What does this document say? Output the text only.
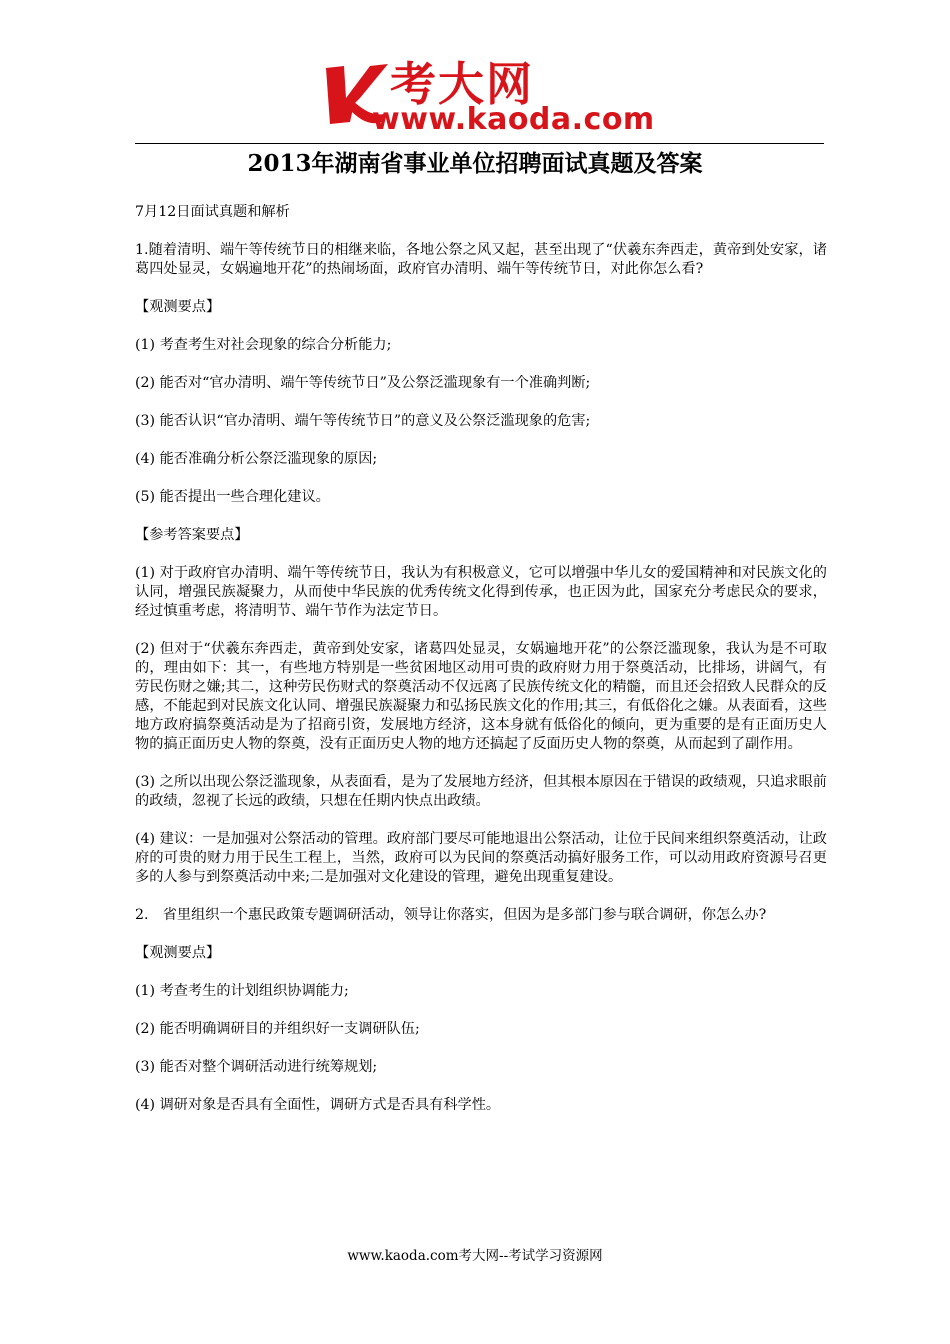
考大网
www.kaoda.com
2013年湖南省事业单位招聘面试真题及答案

7月12日面试真题和解析

1.随着清明、端午等传统节日的相继来临，各地公祭之风又起，甚至出现了“伏羲东奔西走，黄帝到处安家，诸葛四处显灵，女娲遍地开花”的热闹场面，政府官办清明、端午等传统节日，对此你怎么看?

【观测要点】

(1) 考查考生对社会现象的综合分析能力;

(2) 能否对“官办清明、端午等传统节日”及公祭泛滥现象有一个准确判断;

(3) 能否认识“官办清明、端午等传统节日”的意义及公祭泛滥现象的危害;

(4) 能否准确分析公祭泛滥现象的原因;

(5) 能否提出一些合理化建议。

【参考答案要点】

(1) 对于政府官办清明、端午等传统节日，我认为有积极意义，它可以增强中华儿女的爱国精神和对民族文化的认同，增强民族凝聚力，从而使中华民族的优秀传统文化得到传承，也正因为此，国家充分考虑民众的要求，经过慎重考虑，将清明节、端午节作为法定节日。

(2) 但对于“伏羲东奔西走，黄帝到处安家，诸葛四处显灵，女娲遍地开花”的公祭泛滥现象，我认为是不可取的，理由如下：其一，有些地方特别是一些贫困地区动用可贵的政府财力用于祭奠活动，比排场，讲阔气，有劳民伤财之嫌;其二，这种劳民伤财式的祭奠活动不仅远离了民族传统文化的精髓，而且还会招致人民群众的反感，不能起到对民族文化认同、增强民族凝聚力和弘扬民族文化的作用;其三，有低俗化之嫌。从表面看，这些地方政府搞祭奠活动是为了招商引资，发展地方经济，这本身就有低俗化的倾向，更为重要的是有正面历史人物的搞正面历史人物的祭奠，没有正面历史人物的地方还搞起了反面历史人物的祭奠，从而起到了副作用。

(3) 之所以出现公祭泛滥现象，从表面看，是为了发展地方经济，但其根本原因在于错误的政绩观，只追求眼前的政绩，忽视了长远的政绩，只想在任期内快点出政绩。

(4) 建议：一是加强对公祭活动的管理。政府部门要尽可能地退出公祭活动，让位于民间来组织祭奠活动，让政府的可贵的财力用于民生工程上，当然，政府可以为民间的祭奠活动搞好服务工作，可以动用政府资源号召更多的人参与到祭奠活动中来;二是加强对文化建设的管理，避免出现重复建设。

2.　省里组织一个惠民政策专题调研活动，领导让你落实，但因为是多部门参与联合调研，你怎么办?

【观测要点】

(1) 考查考生的计划组织协调能力;

(2) 能否明确调研目的并组织好一支调研队伍;

(3) 能否对整个调研活动进行统筹规划;

(4) 调研对象是否具有全面性，调研方式是否具有科学性。

www.kaoda.com考大网--考试学习资源网
